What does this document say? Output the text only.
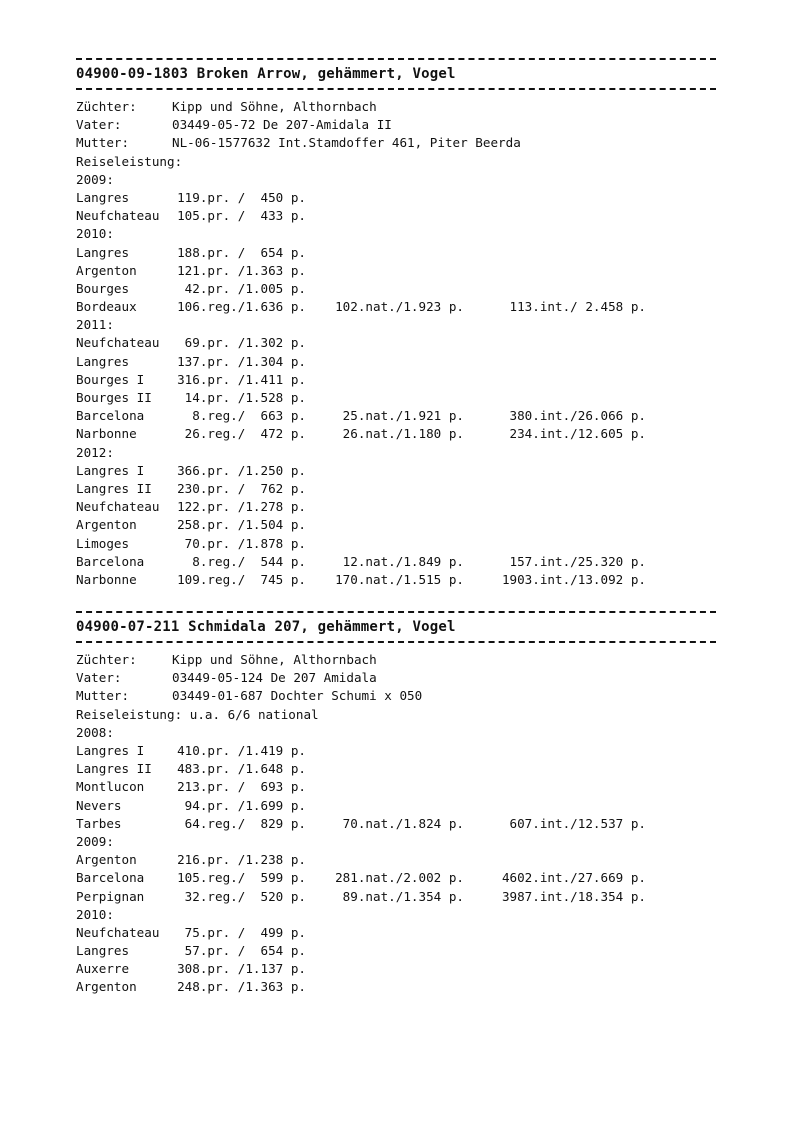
04900-09-1803 Broken Arrow, gehämmert, Vogel
Züchter:	Kipp und Söhne, Althornbach
Vater:	03449-05-72 De 207-Amidala II
Mutter:	NL-06-1577632 Int.Stamdoffer 461, Piter Beerda
Reiseleistung:
2009:
Langres	119.pr. /  450 p.
Neufchateau	105.pr. /  433 p.
2010:
Langres	188.pr. /  654 p.
Argenton	121.pr. /1.363 p.
Bourges	42.pr. /1.005 p.
Bordeaux	106.reg./1.636 p.	102.nat./1.923 p.	113.int./ 2.458 p.
2011:
Neufchateau	69.pr. /1.302 p.
Langres	137.pr. /1.304 p.
Bourges I	316.pr. /1.411 p.
Bourges II	14.pr. /1.528 p.
Barcelona	8.reg./  663 p.	25.nat./1.921 p.	380.int./26.066 p.
Narbonne	26.reg./  472 p.	26.nat./1.180 p.	234.int./12.605 p.
2012:
Langres I	366.pr. /1.250 p.
Langres II	230.pr. /  762 p.
Neufchateau	122.pr. /1.278 p.
Argenton	258.pr. /1.504 p.
Limoges	70.pr. /1.878 p.
Barcelona	8.reg./  544 p.	12.nat./1.849 p.	157.int./25.320 p.
Narbonne	109.reg./  745 p.	170.nat./1.515 p.	1903.int./13.092 p.
04900-07-211 Schmidala 207, gehämmert, Vogel
Züchter:	Kipp und Söhne, Althornbach
Vater:	03449-05-124 De 207 Amidala
Mutter:	03449-01-687 Dochter Schumi x 050
Reiseleistung: u.a. 6/6 national
2008:
Langres I	410.pr. /1.419 p.
Langres II	483.pr. /1.648 p.
Montlucon	213.pr. /  693 p.
Nevers	94.pr. /1.699 p.
Tarbes	64.reg./  829 p.	70.nat./1.824 p.	607.int./12.537 p.
2009:
Argenton	216.pr. /1.238 p.
Barcelona	105.reg./  599 p.	281.nat./2.002 p.	4602.int./27.669 p.
Perpignan	32.reg./  520 p.	89.nat./1.354 p.	3987.int./18.354 p.
2010:
Neufchateau	75.pr. /  499 p.
Langres	57.pr. /  654 p.
Auxerre	308.pr. /1.137 p.
Argenton	248.pr. /1.363 p.
